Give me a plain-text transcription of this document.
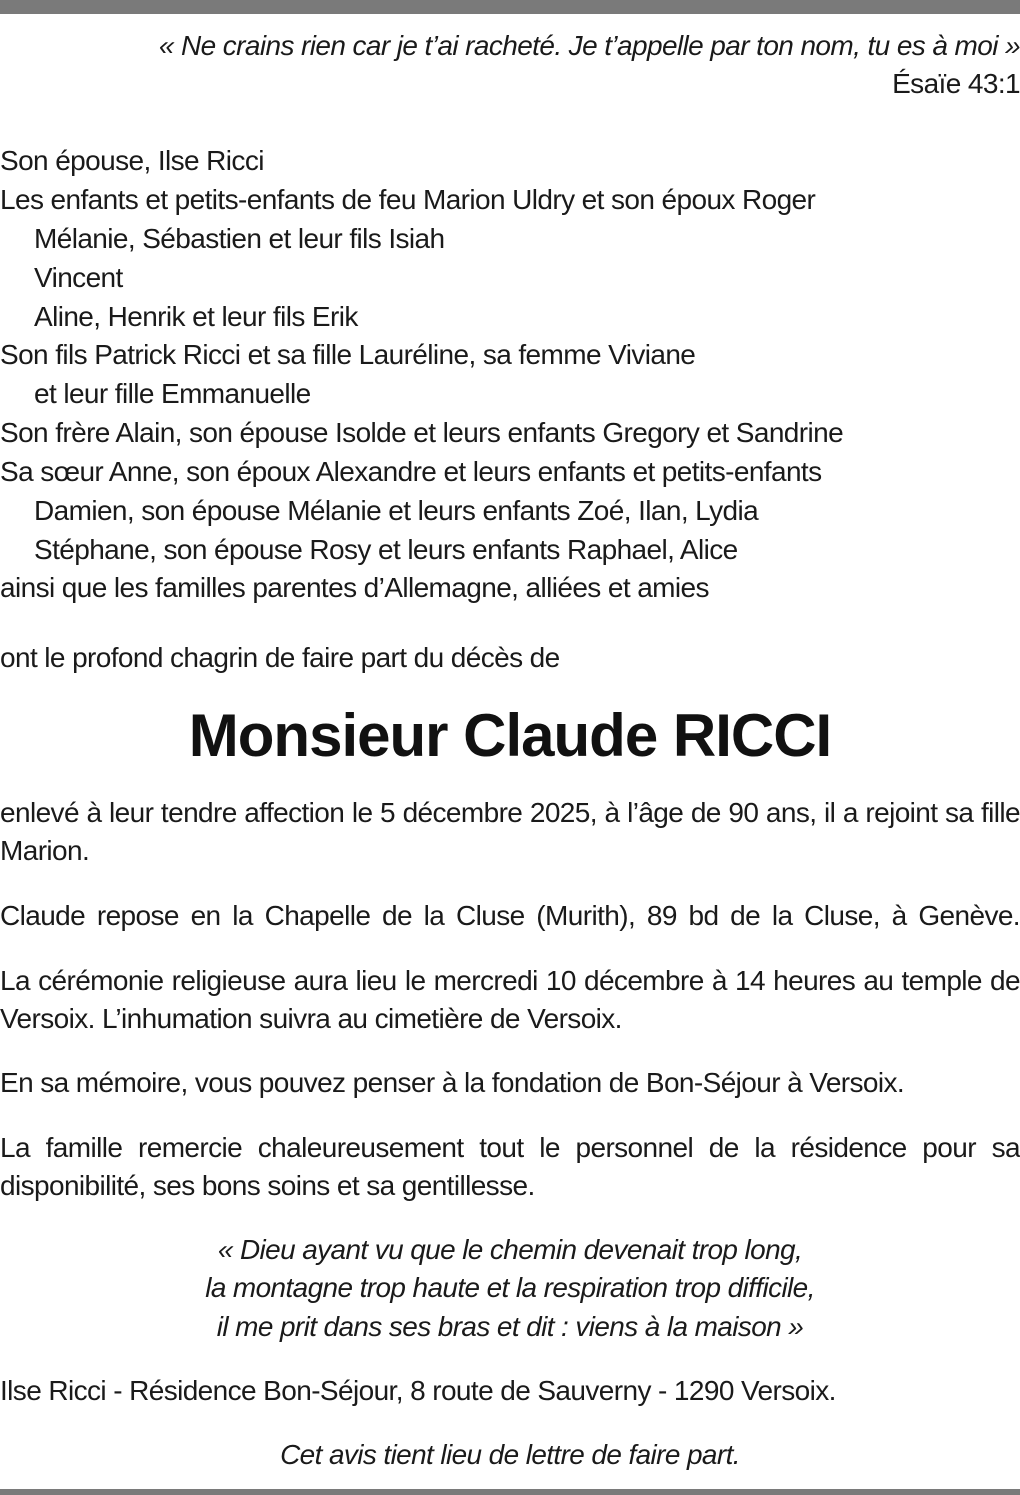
« Ne crains rien car je t’ai racheté. Je t’appelle par ton nom, tu es à moi »
Ésaïe 43:1
Son épouse, Ilse Ricci
Les enfants et petits-enfants de feu Marion Uldry et son époux Roger
Mélanie, Sébastien et leur fils Isiah
Vincent
Aline, Henrik et leur fils Erik
Son fils Patrick Ricci et sa fille Lauréline, sa femme Viviane
et leur fille Emmanuelle
Son frère Alain, son épouse Isolde et leurs enfants Gregory et Sandrine
Sa sœur Anne, son époux Alexandre et leurs enfants et petits-enfants
Damien, son épouse Mélanie et leurs enfants Zoé, Ilan, Lydia
Stéphane, son épouse Rosy et leurs enfants Raphael, Alice
ainsi que les familles parentes d’Allemagne, alliées et amies
ont le profond chagrin de faire part du décès de
Monsieur Claude RICCI
enlevé à leur tendre affection le 5 décembre 2025, à l’âge de 90 ans, il a rejoint sa fille Marion.
Claude repose en la Chapelle de la Cluse (Murith), 89 bd de la Cluse, à Genève.
La cérémonie religieuse aura lieu le mercredi 10 décembre à 14 heures au temple de Versoix. L’inhumation suivra au cimetière de Versoix.
En sa mémoire, vous pouvez penser à la fondation de Bon-Séjour à Versoix.
La famille remercie chaleureusement tout le personnel de la résidence pour sa disponibilité, ses bons soins et sa gentillesse.
« Dieu ayant vu que le chemin devenait trop long,
la montagne trop haute et la respiration trop difficile,
il me prit dans ses bras et dit : viens à la maison »
Ilse Ricci - Résidence Bon-Séjour, 8 route de Sauverny - 1290 Versoix.
Cet avis tient lieu de lettre de faire part.
